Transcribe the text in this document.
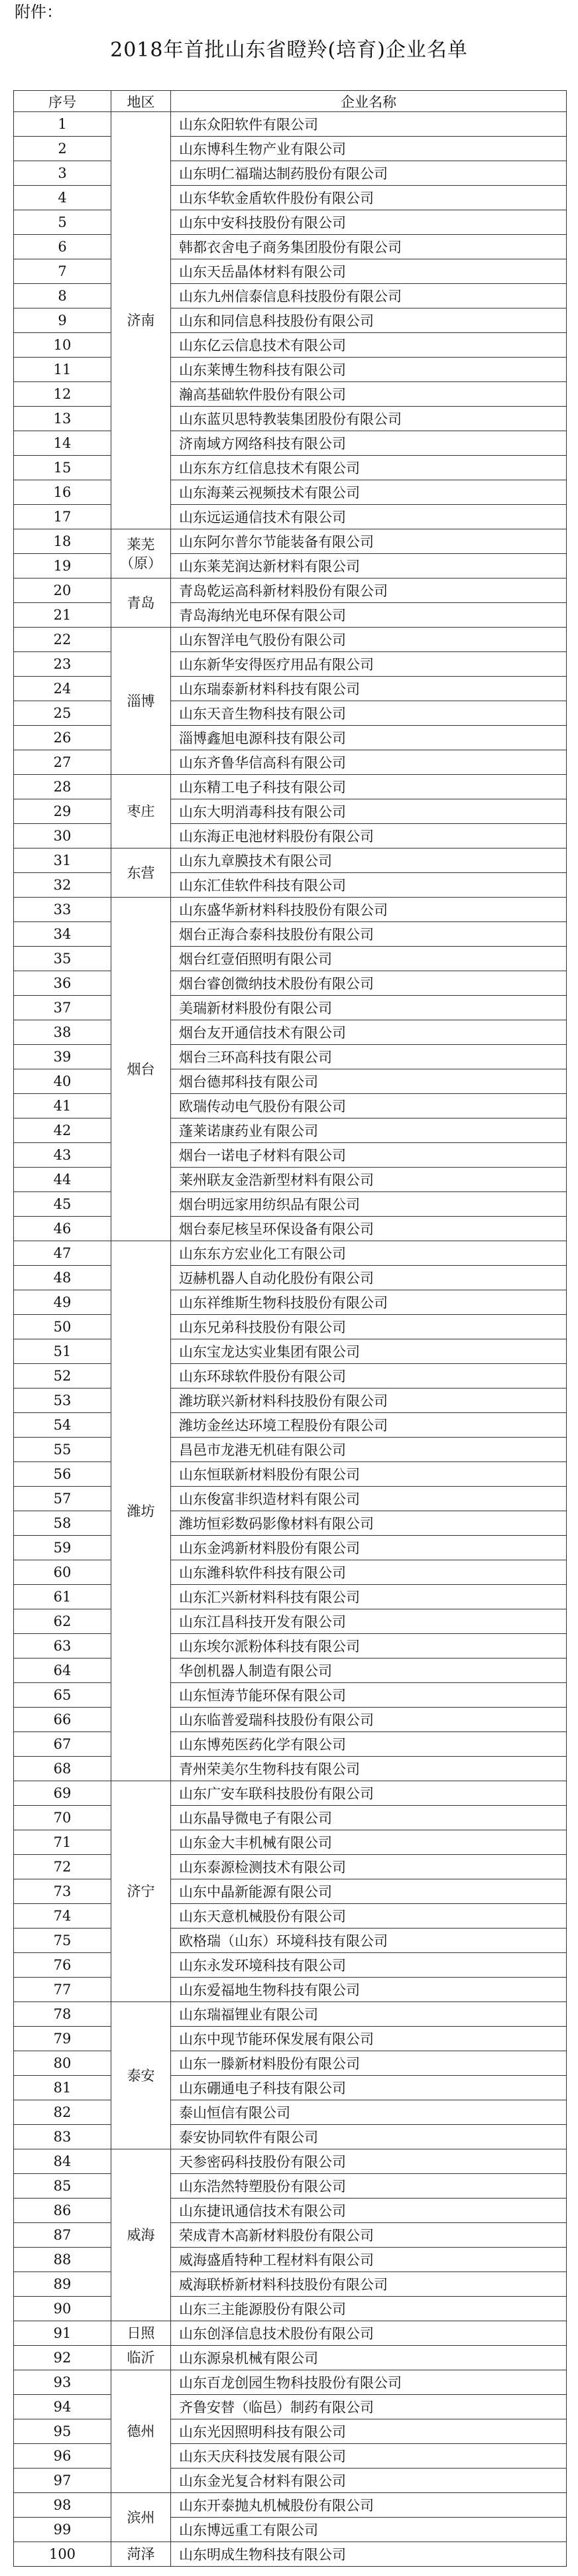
附件：
2018年首批山东省瞪羚(培育)企业名单
序号	地区	企业名称
1	济南	山东众阳软件有限公司
2		山东博科生物产业有限公司
3		山东明仁福瑞达制药股份有限公司
4		山东华软金盾软件股份有限公司
5		山东中安科技股份有限公司
6		韩都衣舍电子商务集团股份有限公司
7		山东天岳晶体材料有限公司
8		山东九州信泰信息科技股份有限公司
9		山东和同信息科技股份有限公司
10		山东亿云信息技术有限公司
11		山东莱博生物科技有限公司
12		瀚高基础软件股份有限公司
13		山东蓝贝思特教装集团股份有限公司
14		济南域方网络科技有限公司
15		山东东方红信息技术有限公司
16		山东海莱云视频技术有限公司
17		山东远运通信技术有限公司
18	莱芜（原）	山东阿尔普尔节能装备有限公司
19		山东莱芜润达新材料有限公司
20	青岛	青岛乾运高科新材料股份有限公司
21		青岛海纳光电环保有限公司
22	淄博	山东智洋电气股份有限公司
23		山东新华安得医疗用品有限公司
24		山东瑞泰新材料科技有限公司
25		山东天音生物科技有限公司
26		淄博鑫旭电源科技有限公司
27		山东齐鲁华信高科有限公司
28	枣庄	山东精工电子科技有限公司
29		山东大明消毒科技有限公司
30		山东海正电池材料股份有限公司
31	东营	山东九章膜技术有限公司
32		山东汇佳软件科技有限公司
33	烟台	山东盛华新材料科技股份有限公司
34		烟台正海合泰科技股份有限公司
35		烟台红壹佰照明有限公司
36		烟台睿创微纳技术股份有限公司
37		美瑞新材料股份有限公司
38		烟台友开通信技术有限公司
39		烟台三环高科技有限公司
40		烟台德邦科技有限公司
41		欧瑞传动电气股份有限公司
42		蓬莱诺康药业有限公司
43		烟台一诺电子材料有限公司
44		莱州联友金浩新型材料有限公司
45		烟台明远家用纺织品有限公司
46		烟台泰尼核呈环保设备有限公司
47	潍坊	山东东方宏业化工有限公司
48		迈赫机器人自动化股份有限公司
49		山东祥维斯生物科技股份有限公司
50		山东兄弟科技股份有限公司
51		山东宝龙达实业集团有限公司
52		山东环球软件股份有限公司
53		潍坊联兴新材料科技股份有限公司
54		潍坊金丝达环境工程股份有限公司
55		昌邑市龙港无机硅有限公司
56		山东恒联新材料股份有限公司
57		山东俊富非织造材料有限公司
58		潍坊恒彩数码影像材料有限公司
59		山东金鸿新材料股份有限公司
60		山东潍科软件科技有限公司
61		山东汇兴新材料科技有限公司
62		山东江昌科技开发有限公司
63		山东埃尔派粉体科技有限公司
64		华创机器人制造有限公司
65		山东恒涛节能环保有限公司
66		山东临普爱瑞科技股份有限公司
67		山东博苑医药化学有限公司
68		青州荣美尔生物科技有限公司
69	济宁	山东广安车联科技股份有限公司
70		山东晶导微电子有限公司
71		山东金大丰机械有限公司
72		山东泰源检测技术有限公司
73		山东中晶新能源有限公司
74		山东天意机械股份有限公司
75		欧格瑞（山东）环境科技有限公司
76		山东永发环境科技有限公司
77		山东爱福地生物科技有限公司
78	泰安	山东瑞福锂业有限公司
79		山东中现节能环保发展有限公司
80		山东一滕新材料股份有限公司
81		山东硼通电子科技有限公司
82		泰山恒信有限公司
83		泰安协同软件有限公司
84	威海	天参密码科技股份有限公司
85		山东浩然特塑股份有限公司
86		山东捷讯通信技术有限公司
87		荣成青木高新材料股份有限公司
88		威海盛盾特种工程材料有限公司
89		威海联桥新材料科技股份有限公司
90		山东三主能源股份有限公司
91	日照	山东创泽信息技术股份有限公司
92	临沂	山东源泉机械有限公司
93	德州	山东百龙创园生物科技股份有限公司
94		齐鲁安替（临邑）制药有限公司
95		山东光因照明科技有限公司
96		山东天庆科技发展有限公司
97		山东金光复合材料有限公司
98	滨州	山东开泰抛丸机械股份有限公司
99		山东博远重工有限公司
100	菏泽	山东明成生物科技有限公司
